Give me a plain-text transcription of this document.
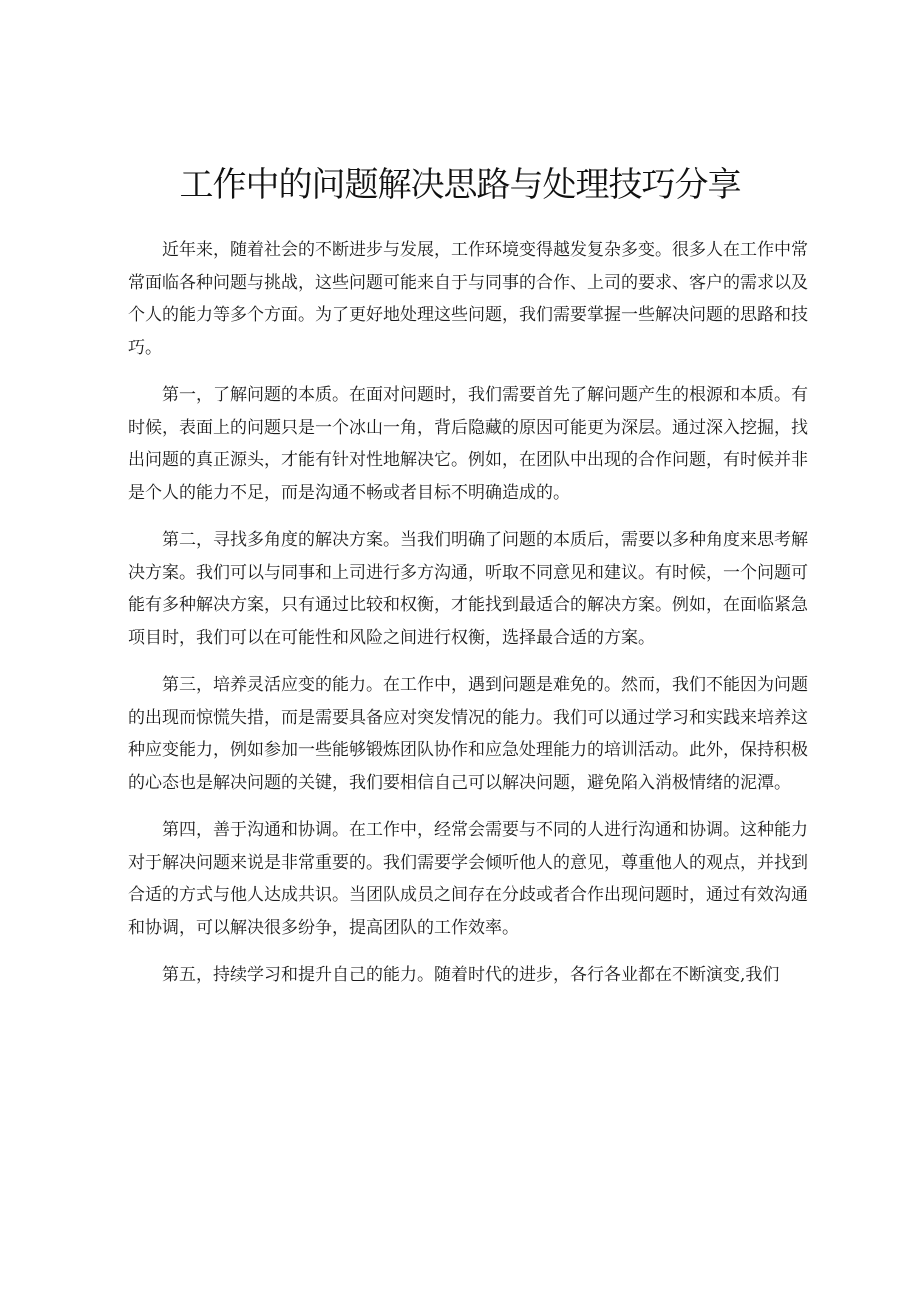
工作中的问题解决思路与处理技巧分享

近年来，随着社会的不断进步与发展，工作环境变得越发复杂多变。很多人在工作中常常面临各种问题与挑战，这些问题可能来自于与同事的合作、上司的要求、客户的需求以及个人的能力等多个方面。为了更好地处理这些问题，我们需要掌握一些解决问题的思路和技巧。

第一，了解问题的本质。在面对问题时，我们需要首先了解问题产生的根源和本质。有时候，表面上的问题只是一个冰山一角，背后隐藏的原因可能更为深层。通过深入挖掘，找出问题的真正源头，才能有针对性地解决它。例如，在团队中出现的合作问题，有时候并非是个人的能力不足，而是沟通不畅或者目标不明确造成的。

第二，寻找多角度的解决方案。当我们明确了问题的本质后，需要以多种角度来思考解决方案。我们可以与同事和上司进行多方沟通，听取不同意见和建议。有时候，一个问题可能有多种解决方案，只有通过比较和权衡，才能找到最适合的解决方案。例如，在面临紧急项目时，我们可以在可能性和风险之间进行权衡，选择最合适的方案。

第三，培养灵活应变的能力。在工作中，遇到问题是难免的。然而，我们不能因为问题的出现而惊慌失措，而是需要具备应对突发情况的能力。我们可以通过学习和实践来培养这种应变能力，例如参加一些能够锻炼团队协作和应急处理能力的培训活动。此外，保持积极的心态也是解决问题的关键，我们要相信自己可以解决问题，避免陷入消极情绪的泥潭。

第四，善于沟通和协调。在工作中，经常会需要与不同的人进行沟通和协调。这种能力对于解决问题来说是非常重要的。我们需要学会倾听他人的意见，尊重他人的观点，并找到合适的方式与他人达成共识。当团队成员之间存在分歧或者合作出现问题时，通过有效沟通和协调，可以解决很多纷争，提高团队的工作效率。

第五，持续学习和提升自己的能力。随着时代的进步，各行各业都在不断演变,我们
